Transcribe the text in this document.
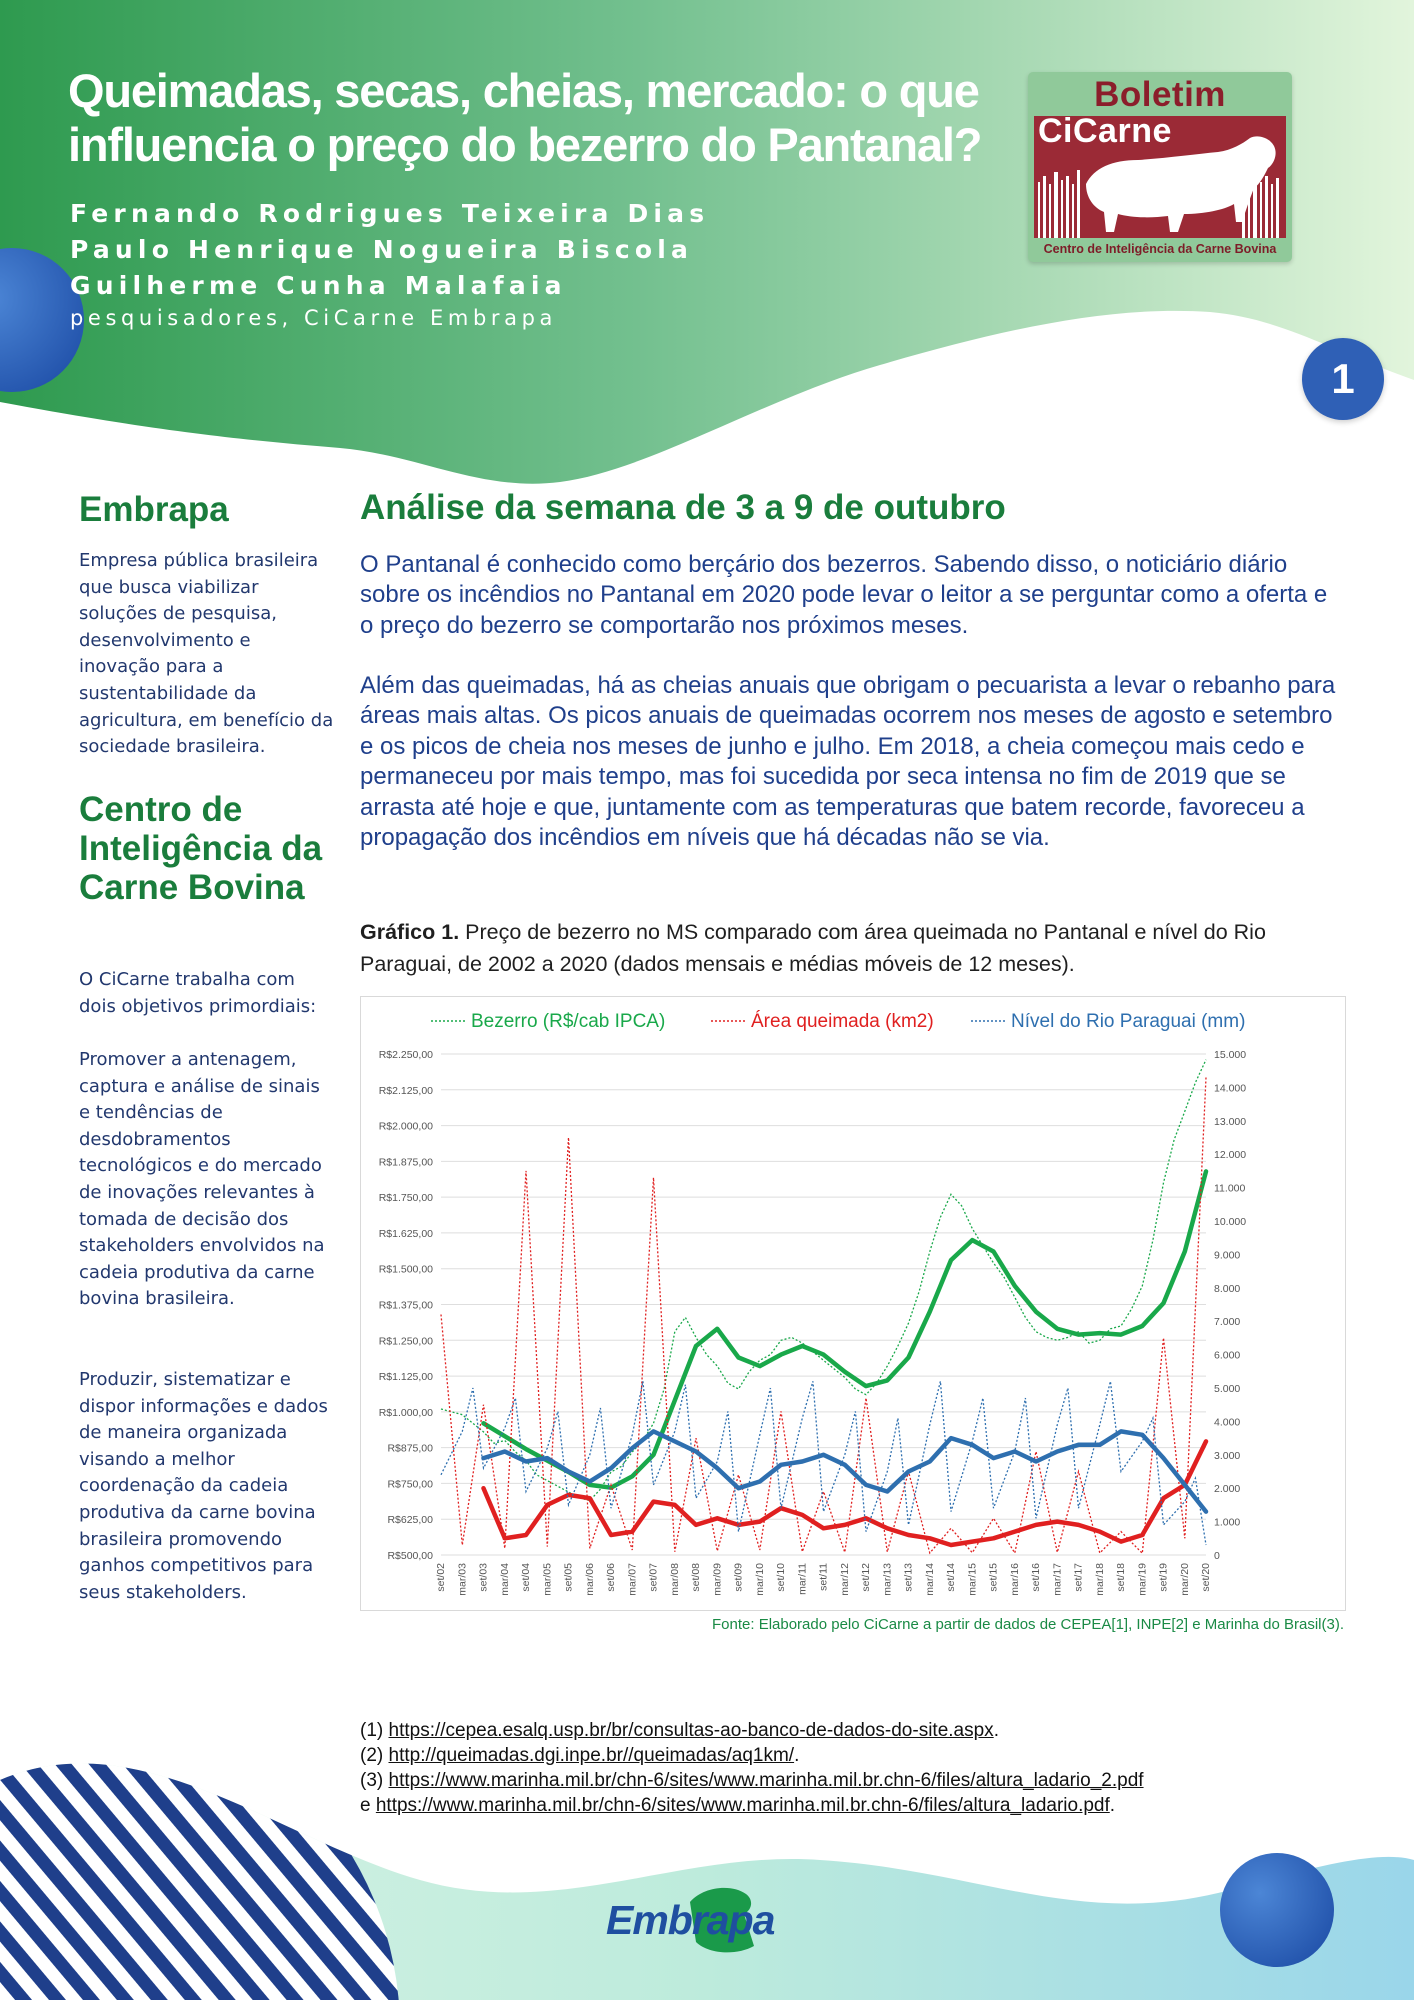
Queimadas, secas, cheias, mercado: o que
influencia o preço do bezerro do Pantanal?
Fernando Rodrigues Teixeira Dias
Paulo Henrique Nogueira Biscola
Guilherme Cunha Malafaia
pesquisadores, CiCarne Embrapa
Boletim
CiCarne
Centro de Inteligência da Carne Bovina
1
Embrapa

Empresa pública brasileira que busca viabilizar soluções de pesquisa, desenvolvimento e inovação para a sustentabilidade da agricultura, em benefício da sociedade brasileira.

Centro de Inteligência da Carne Bovina

O CiCarne trabalha com dois objetivos primordiais:

Promover a antenagem, captura e análise de sinais e tendências de desdobramentos tecnológicos e do mercado de inovações relevantes à tomada de decisão dos stakeholders envolvidos na cadeia produtiva da carne bovina brasileira.

Produzir, sistematizar e dispor informações e dados de maneira organizada visando a melhor coordenação da cadeia produtiva da carne bovina brasileira promovendo ganhos competitivos para seus stakeholders.

Análise da semana de 3 a 9 de outubro

O Pantanal é conhecido como berçário dos bezerros. Sabendo disso, o noticiário diário sobre os incêndios no Pantanal em 2020 pode levar o leitor a se perguntar como a oferta e o preço do bezerro se comportarão nos próximos meses.

Além das queimadas, há as cheias anuais que obrigam o pecuarista a levar o rebanho para áreas mais altas. Os picos anuais de queimadas ocorrem nos meses de agosto e setembro e os picos de cheia nos meses de junho e julho. Em 2018, a cheia começou mais cedo e permaneceu por mais tempo, mas foi sucedida por seca intensa no fim de 2019 que se arrasta até hoje e que, juntamente com as temperaturas que batem recorde, favoreceu a propagação dos incêndios em níveis que há décadas não se via.

Gráfico 1. Preço de bezerro no MS comparado com área queimada no Pantanal e nível do Rio Paraguai, de 2002 a 2020 (dados mensais e médias móveis de 12 meses).

R$500,00
R$625,00
R$750,00
R$875,00
R$1.000,00
R$1.125,00
R$1.250,00
R$1.375,00
R$1.500,00
R$1.625,00
R$1.750,00
R$1.875,00
R$2.000,00
R$2.125,00
R$2.250,00
0
1.000
2.000
3.000
4.000
5.000
6.000
7.000
8.000
9.000
10.000
11.000
12.000
13.000
14.000
15.000
set/02 mar/03 set/03 mar/04 set/04 mar/05 set/05 mar/06 set/06 mar/07 set/07 mar/08 set/08 mar/09 set/09 mar/10 set/10 mar/11 set/11 mar/12 set/12 mar/13 set/13 mar/14 set/14 mar/15 set/15 mar/16 set/16 mar/17 set/17 mar/18 set/18 mar/19 set/19 mar/20 set/20
Bezerro (R$/cab IPCA)	Área queimada (km2)	Nível do Rio Paraguai (mm)

Fonte: Elaborado pelo CiCarne a partir de dados de CEPEA[1], INPE[2] e Marinha do Brasil(3).

(1) https://cepea.esalq.usp.br/br/consultas-ao-banco-de-dados-do-site.aspx.
(2) http://queimadas.dgi.inpe.br//queimadas/aq1km/.
(3) https://www.marinha.mil.br/chn-6/sites/www.marinha.mil.br.chn-6/files/altura_ladario_2.pdf
e https://www.marinha.mil.br/chn-6/sites/www.marinha.mil.br.chn-6/files/altura_ladario.pdf.
Embrapa
